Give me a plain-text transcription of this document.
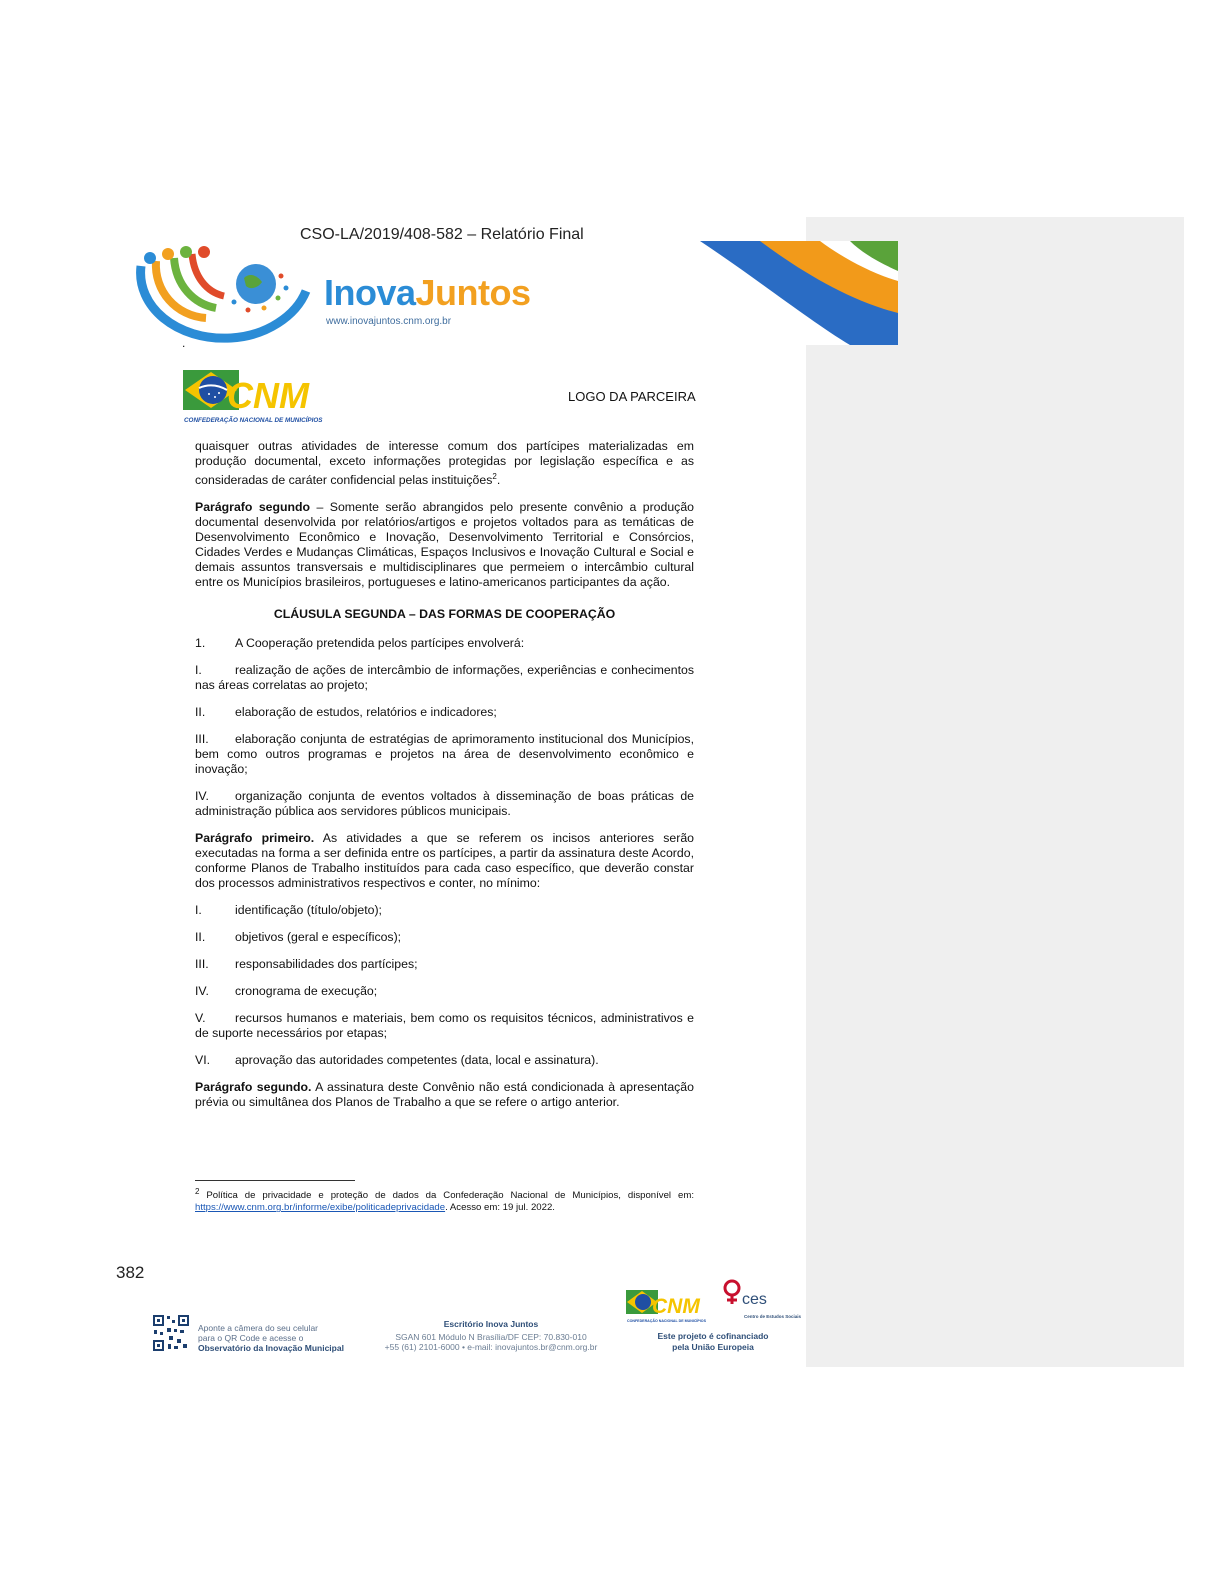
CSO-LA/2019/408-582 – Relatório Final
InovaJuntos
www.inovajuntos.cnm.org.br
.
CNM
CONFEDERAÇÃO NACIONAL DE MUNICÍPIOS
LOGO DA PARCEIRA

quaisquer outras atividades de interesse comum dos partícipes materializadas em produção documental, exceto informações protegidas por legislação específica e as consideradas de caráter confidencial pelas instituições$^2$.

Parágrafo segundo – Somente serão abrangidos pelo presente convênio a produção documental desenvolvida por relatórios/artigos e projetos voltados para as temáticas de Desenvolvimento Econômico e Inovação, Desenvolvimento Territorial e Consórcios, Cidades Verdes e Mudanças Climáticas, Espaços Inclusivos e Inovação Cultural e Social e demais assuntos transversais e multidisciplinares que permeiem o intercâmbio cultural entre os Municípios brasileiros, portugueses e latino-americanos participantes da ação.

CLÁUSULA SEGUNDA – DAS FORMAS DE COOPERAÇÃO

1. A Cooperação pretendida pelos partícipes envolverá:

I.	realização de ações de intercâmbio de informações, experiências e conhecimentos nas áreas correlatas ao projeto;

II. elaboração de estudos, relatórios e indicadores;

III. elaboração conjunta de estratégias de aprimoramento institucional dos Municípios, bem como outros programas e projetos na área de desenvolvimento econômico e inovação;

IV. organização conjunta de eventos voltados à disseminação de boas práticas de administração pública aos servidores públicos municipais.

Parágrafo primeiro. As atividades a que se referem os incisos anteriores serão executadas na forma a ser definida entre os partícipes, a partir da assinatura deste Acordo, conforme Planos de Trabalho instituídos para cada caso específico, que deverão constar dos processos administrativos respectivos e conter, no mínimo:

I.	identificação (título/objeto);

II. objetivos (geral e específicos);

III. responsabilidades dos partícipes;

IV. cronograma de execução;

V. recursos humanos e materiais, bem como os requisitos técnicos, administrativos e de suporte necessários por etapas;

VI. aprovação das autoridades competentes (data, local e assinatura).

Parágrafo segundo. A assinatura deste Convênio não está condicionada à apresentação prévia ou simultânea dos Planos de Trabalho a que se refere o artigo anterior.

$^2$ Política de privacidade e proteção de dados da Confederação Nacional de Municípios, disponível em: https://www.cnm.org.br/informe/exibe/politicadeprivacidade. Acesso em: 19 jul. 2022.
382
Aponte a câmera do seu celular
para o QR Code e acesse o
Observatório da Inovação Municipal
Escritório Inova Juntos
SGAN 601 Módulo N Brasília/DF CEP: 70.830-010
+55 (61) 2101-6000 • e-mail: inovajuntos.br@cnm.org.br
CNM
CONFEDERAÇÃO NACIONAL DE MUNICÍPIOS
ces
Centro de Estudos Sociais
Este projeto é cofinanciado
pela União Europeia
